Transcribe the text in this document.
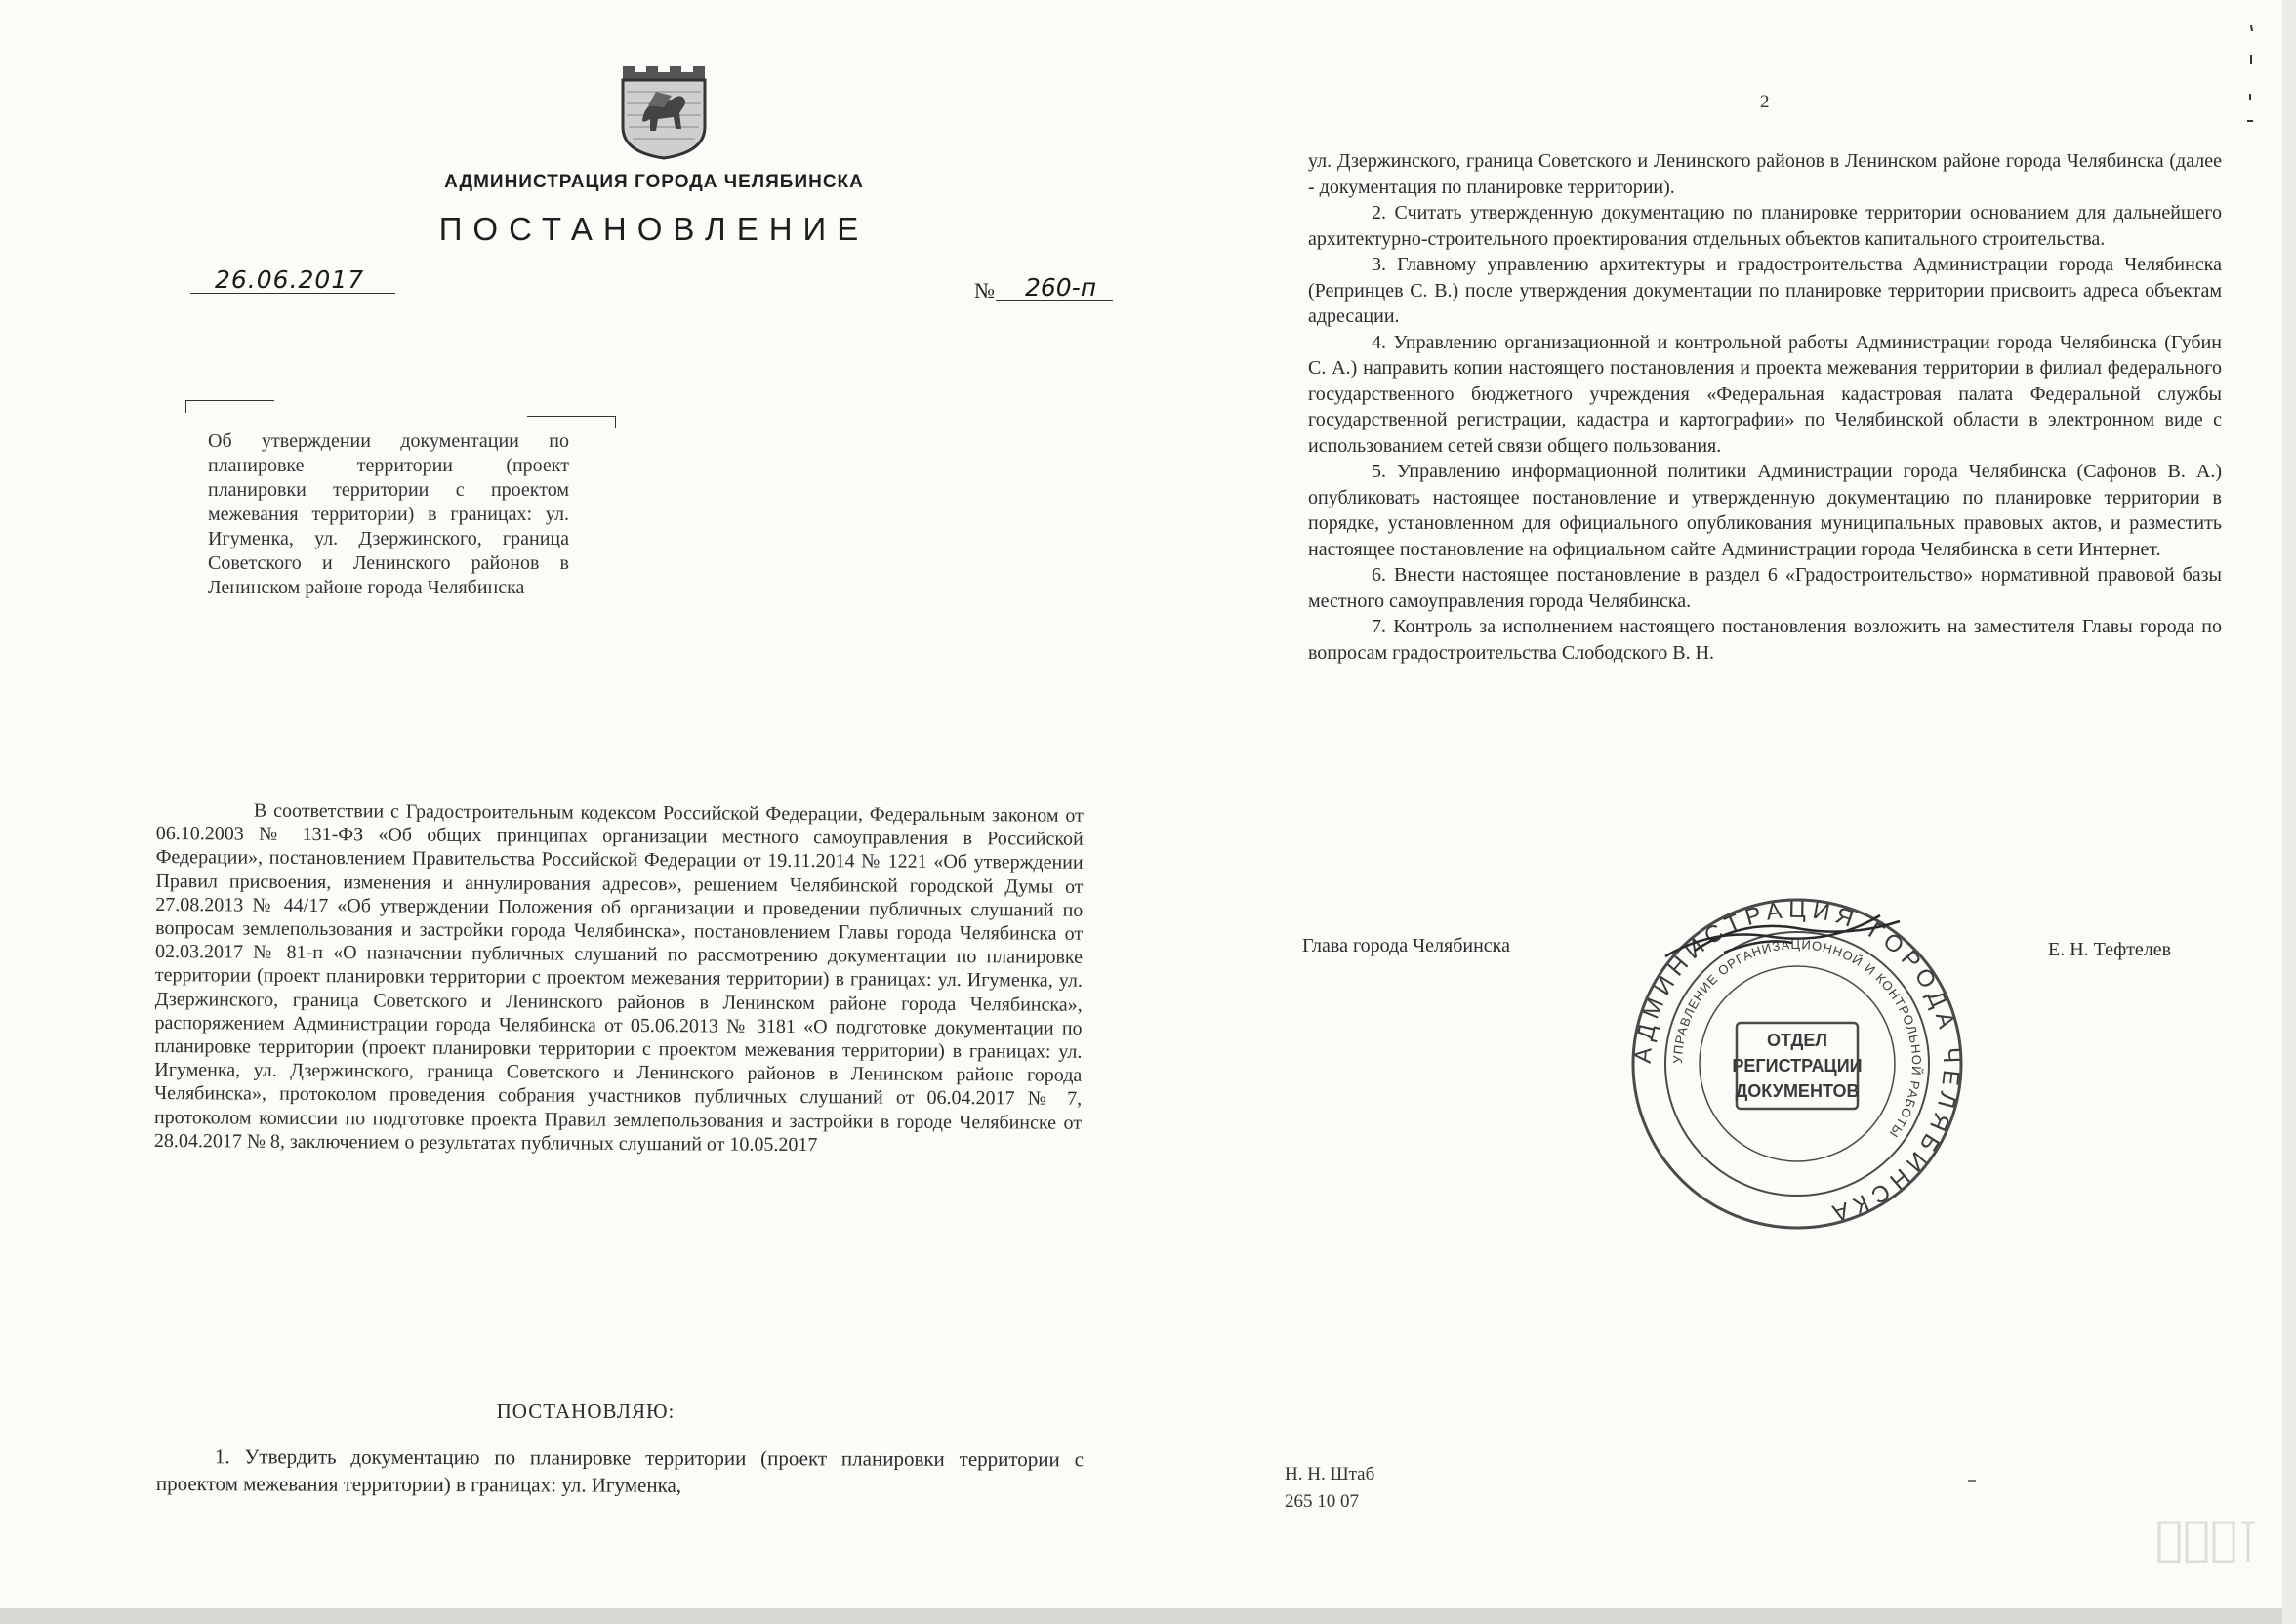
АДМИНИСТРАЦИЯ ГОРОДА ЧЕЛЯБИНСКА
ПОСТАНОВЛЕНИЕ
26.06.2017	№ 260-п
Об утверждении документации по планировке территории (проект планировки территории с проектом межевания территории) в границах: ул. Игуменка, ул. Дзержинского, граница Советского и Ленинского районов в Ленинском районе города Челябинска
В соответствии с Градостроительным кодексом Российской Федерации, Федеральным законом от 06.10.2003 № 131-ФЗ «Об общих принципах организации местного самоуправления в Российской Федерации», постановлением Правительства Российской Федерации от 19.11.2014 № 1221 «Об утверждении Правил присвоения, изменения и аннулирования адресов», решением Челябинской городской Думы от 27.08.2013 № 44/17 «Об утверждении Положения об организации и проведении публичных слушаний по вопросам землепользования и застройки города Челябинска», постановлением Главы города Челябинска от 02.03.2017 № 81-п «О назначении публичных слушаний по рассмотрению документации по планировке территории (проект планировки территории с проектом межевания территории) в границах: ул. Игуменка, ул. Дзержинского, граница Советского и Ленинского районов в Ленинском районе города Челябинска», распоряжением Администрации города Челябинска от 05.06.2013 № 3181 «О подготовке документации по планировке территории (проект планировки территории с проектом межевания территории) в границах: ул. Игуменка, ул. Дзержинского, граница Советского и Ленинского районов в Ленинском районе города Челябинска», протоколом проведения собрания участников публичных слушаний от 06.04.2017 № 7, протоколом комиссии по подготовке проекта Правил землепользования и застройки в городе Челябинске от 28.04.2017 № 8, заключением о результатах публичных слушаний от 10.05.2017
ПОСТАНОВЛЯЮ:
1. Утвердить документацию по планировке территории (проект планировки территории с проектом межевания территории) в границах: ул. Игуменка,
2

ул. Дзержинского, граница Советского и Ленинского районов в Ленинском районе города Челябинска (далее - документация по планировке территории).

2. Считать утвержденную документацию по планировке территории основанием для дальнейшего архитектурно-строительного проектирования отдельных объектов капитального строительства.

3. Главному управлению архитектуры и градостроительства Администрации города Челябинска (Репринцев С. В.) после утверждения документации по планировке территории присвоить адреса объектам адресации.

4. Управлению организационной и контрольной работы Администрации города Челябинска (Губин С. А.) направить копии настоящего постановления и проекта межевания территории в филиал федерального государственного бюджетного учреждения «Федеральная кадастровая палата Федеральной службы государственной регистрации, кадастра и картографии» по Челябинской области в электронном виде с использованием сетей связи общего пользования.

5. Управлению информационной политики Администрации города Челябинска (Сафонов В. А.) опубликовать настоящее постановление и утвержденную документацию по планировке территории в порядке, установленном для официального опубликования муниципальных правовых актов, и разместить настоящее постановление на официальном сайте Администрации города Челябинска в сети Интернет.

6. Внести настоящее постановление в раздел 6 «Градостроительство» нормативной правовой базы местного самоуправления города Челябинска.

7. Контроль за исполнением настоящего постановления возложить на заместителя Главы города по вопросам градостроительства Слободского В. Н.

АДМИНИСТРАЦИЯ ГОРОДА ЧЕЛЯБИНСКА
УПРАВЛЕНИЕ ОРГАНИЗАЦИОННОЙ И КОНТРОЛЬНОЙ РАБОТЫ
ОТДЕЛ
РЕГИСТРАЦИИ
ДОКУМЕНТОВ
Глава города Челябинска	Е. Н. Тефтелев
Н. Н. Штаб
265 10 07
